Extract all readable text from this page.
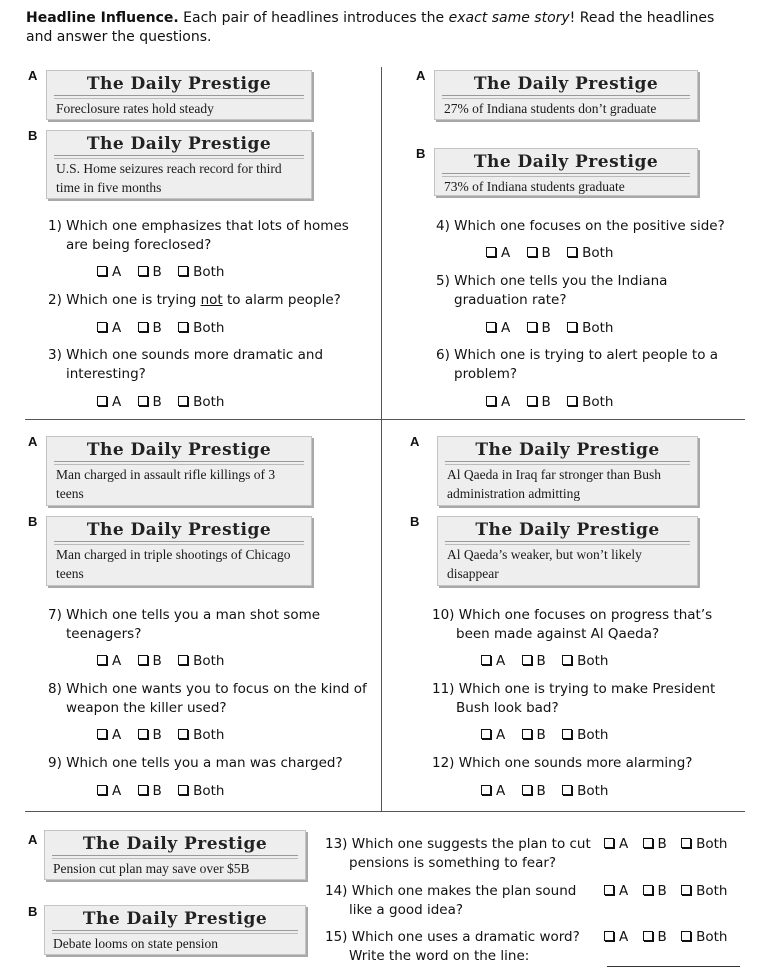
Headline Influence. Each pair of headlines introduces the exact same story! Read the headlines and answer the questions.
A	The Daily Prestige
Foreclosure rates hold steady
B	The Daily Prestige
U.S. Home seizures reach record for third time in five months
1) Which one emphasizes that lots of homes are being foreclosed?
A B Both
2) Which one is trying not to alarm people?
A B Both
3) Which one sounds more dramatic and interesting?
A B Both
A	The Daily Prestige
27% of Indiana students don’t graduate
B	The Daily Prestige
73% of Indiana students graduate
4) Which one focuses on the positive side?
A B Both
5) Which one tells you the Indiana graduation rate?
A B Both
6) Which one is trying to alert people to a problem?
A B Both
A	The Daily Prestige
Man charged in assault rifle killings of 3 teens
B	The Daily Prestige
Man charged in triple shootings of Chicago teens
7) Which one tells you a man shot some teenagers?
A B Both
8) Which one wants you to focus on the kind of weapon the killer used?
A B Both
9) Which one tells you a man was charged?
A B Both
A	The Daily Prestige
Al Qaeda in Iraq far stronger than Bush administration admitting
B	The Daily Prestige
Al Qaeda’s weaker, but won’t likely disappear
10) Which one focuses on progress that’s been made against Al Qaeda?
A B Both
11) Which one is trying to make President Bush look bad?
A B Both
12) Which one sounds more alarming?
A B Both
A	The Daily Prestige
Pension cut plan may save over $5B
B	The Daily Prestige
Debate looms on state pension
13) Which one suggests the plan to cut pensions is something to fear?
A B Both
14) Which one makes the plan sound like a good idea?
A B Both
15) Which one uses a dramatic word? Write the word on the line:
A B Both
